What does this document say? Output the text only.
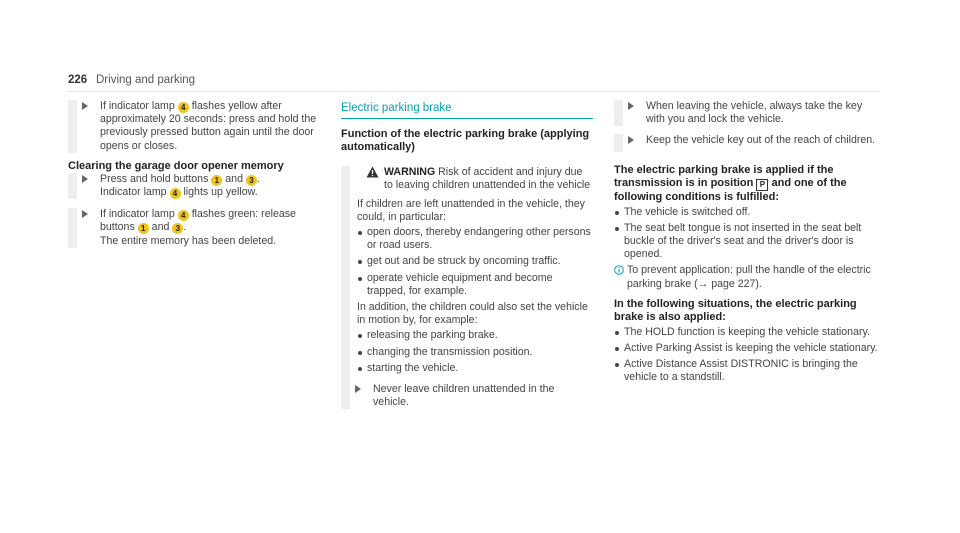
226 Driving and parking
If indicator lamp 4 flashes yellow after approximately 20 seconds: press and hold the previously pressed button again until the door opens or closes.
Clearing the garage door opener memory
Press and hold buttons 1 and 3 .
Indicator lamp 4 lights up yellow.
If indicator lamp 4 flashes green: release buttons 1 and 3 .
The entire memory has been deleted.
Electric parking brake
Function of the electric parking brake (applying automatically)
WARNING Risk of accident and injury due to leaving children unattended in the vehicle
If children are left unattended in the vehicle, they could, in particular:
open doors, thereby endangering other persons or road users.
get out and be struck by oncoming traffic.
operate vehicle equipment and become trapped, for example.
In addition, the children could also set the vehicle in motion by, for example:
releasing the parking brake.
changing the transmission position.
starting the vehicle.
Never leave children unattended in the vehicle.
When leaving the vehicle, always take the key with you and lock the vehicle.
Keep the vehicle key out of the reach of children.
The electric parking brake is applied if the transmission is in position P and one of the following conditions is fulfilled:
The vehicle is switched off.
The seat belt tongue is not inserted in the seat belt buckle of the driver's seat and the driver's door is opened.
To prevent application: pull the handle of the electric parking brake (→ page 227).
In the following situations, the electric parking brake is also applied:
The HOLD function is keeping the vehicle stationary.
Active Parking Assist is keeping the vehicle stationary.
Active Distance Assist DISTRONIC is bringing the vehicle to a standstill.
